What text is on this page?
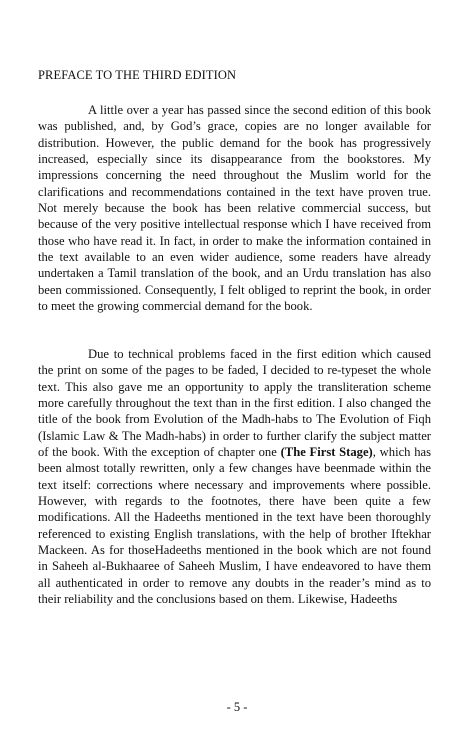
PREFACE TO THE THIRD EDITION

A little over a year has passed since the second edition of this book was published, and, by God’s grace, copies are no longer available for distribution. However, the public demand for the book has progressively increased, especially since its disappearance from the bookstores. My impressions concerning the need throughout the Muslim world for the clarifications and recommendations contained in the text have proven true. Not merely because the book has been relative commercial success, but because of the very positive intellectual response which I have received from those who have read it. In fact, in order to make the information contained in the text available to an even wider audience, some readers have already undertaken a Tamil translation of the book, and an Urdu translation has also been commissioned. Consequently, I felt obliged to reprint the book, in order to meet the growing commercial demand for the book.

Due to technical problems faced in the first edition which caused the print on some of the pages to be faded, I decided to re-typeset the whole text. This also gave me an opportunity to apply the transliteration scheme more carefully throughout the text than in the first edition. I also changed the title of the book from Evolution of the Madh-habs to The Evolution of Fiqh (Islamic Law & The Madh-habs) in order to further clarify the subject matter of the book. With the exception of chapter one (The First Stage), which has been almost totally rewritten, only a few changes have beenmade within the text itself: corrections where necessary and improvements where possible. However, with regards to the footnotes, there have been quite a few modifications. All the Hadeeths mentioned in the text have been thoroughly referenced to existing English translations, with the help of brother Iftekhar Mackeen. As for thoseHadeeths mentioned in the book which are not found in Saheeh al-Bukhaaree of Saheeh Muslim, I have endeavored to have them all authenticated in order to remove any doubts in the reader’s mind as to their reliability and the conclusions based on them. Likewise, Hadeeths

- 5 -
